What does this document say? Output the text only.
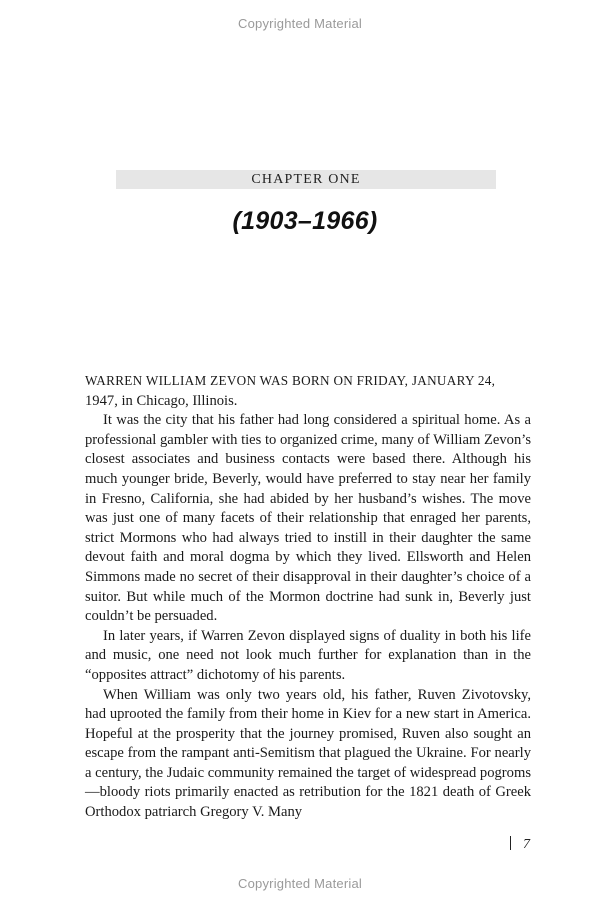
Copyrighted Material
CHAPTER ONE
(1903–1966)

WARREN WILLIAM ZEVON WAS BORN ON FRIDAY, JANUARY 24,
1947, in Chicago, Illinois.

It was the city that his father had long considered a spiritual home. As a professional gambler with ties to organized crime, many of William Zevon’s closest associates and business contacts were based there. Although his much younger bride, Beverly, would have preferred to stay near her family in Fresno, California, she had abided by her husband’s wishes. The move was just one of many facets of their relationship that enraged her parents, strict Mormons who had always tried to instill in their daughter the same devout faith and moral dogma by which they lived. Ellsworth and Helen Simmons made no secret of their disapproval in their daughter’s choice of a suitor. But while much of the Mormon doctrine had sunk in, Beverly just couldn’t be persuaded.

In later years, if Warren Zevon displayed signs of duality in both his life and music, one need not look much further for explanation than in the “opposites attract” dichotomy of his parents.

When William was only two years old, his father, Ruven Zivotovsky, had uprooted the family from their home in Kiev for a new start in America. Hopeful at the prosperity that the journey promised, Ruven also sought an escape from the rampant anti-Semitism that plagued the Ukraine. For nearly a century, the Judaic community remained the target of widespread pogroms—bloody riots primarily enacted as retribution for the 1821 death of Greek Orthodox patriarch Gregory V. Many

7
Copyrighted Material
